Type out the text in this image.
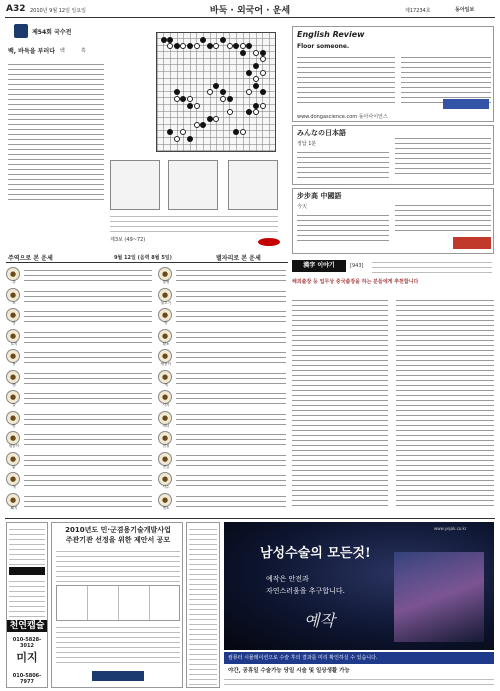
A32 2010년 9월 12일 일요일	바둑 · 외국어 · 운세	제17234호	동아일보
제54회 국수전
백, 바둑을 부러다 백	흑
제3보 (49~72)
English Review
Floor someone.
www.dongascience.com 동아사이언스
みんなの日本語
정답 1분
步步高 中國語
今天
주역으로 본 운세	9월 12일 (음력 8월 5일)	별자리로 본 운세
●
쥐
●
소
●
범
●
토끼
●
용
●
뱀
●
말
●
양
●
원숭이
●
닭
●
개
●
돼지
●
물병
●
물고기
●
양
●
황소
●
쌍둥이
●
게
●
사자
●
처녀
●
천칭
●
전갈
●
사수
●
염소
漢字 이야기	[943]
해외출장 등 업무상 중국출장을 하는 분들에게 추천합니다
천연캡슐
010-5828-3012
미지
010-5806-7977
2010년도 민·군겸용기술개발사업
주관기관 선정을 위한 제안서 공모
www.yejak.co.kr
남성수술의 모든것!
예작은 안전과
자연스러움을 추구합니다.
예작
컴퓨터 시뮬레이션으로 수술 후의 결과를 미리 확인하실 수 있습니다.
야간, 공휴일 수술가능 당일 시술 및 일상생활 가능
